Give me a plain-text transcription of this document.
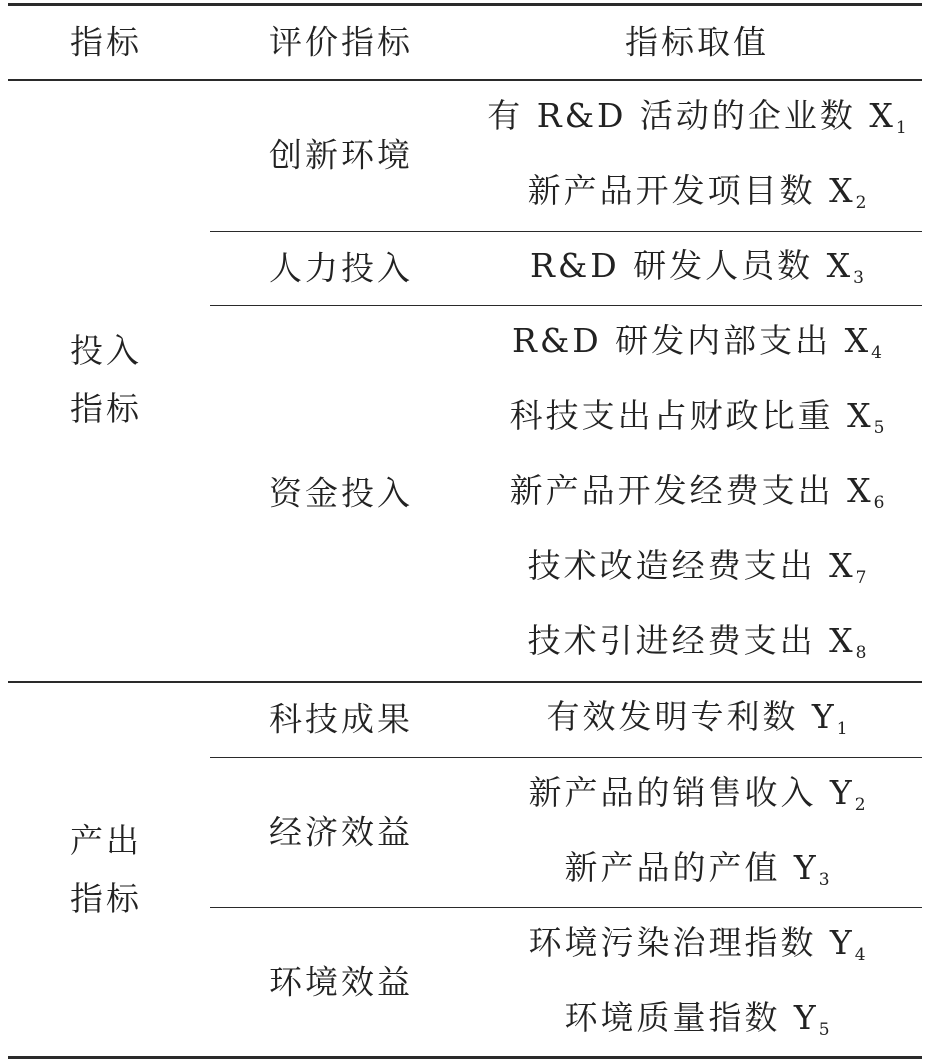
指标	评价指标	指标取值
投入
指标
创新环境
人力投入
资金投入
有 R&D 活动的企业数 $X_1$
新产品开发项目数 $X_2$
R&D 研发人员数 $X_3$
R&D 研发内部支出 $X_4$
科技支出占财政比重 $X_5$
新产品开发经费支出 $X_6$
技术改造经费支出 $X_7$
技术引进经费支出 $X_8$
产出
指标
科技成果
经济效益
环境效益
有效发明专利数 $Y_1$
新产品的销售收入 $Y_2$
新产品的产值 $Y_3$
环境污染治理指数 $Y_4$
环境质量指数 $Y_5$
